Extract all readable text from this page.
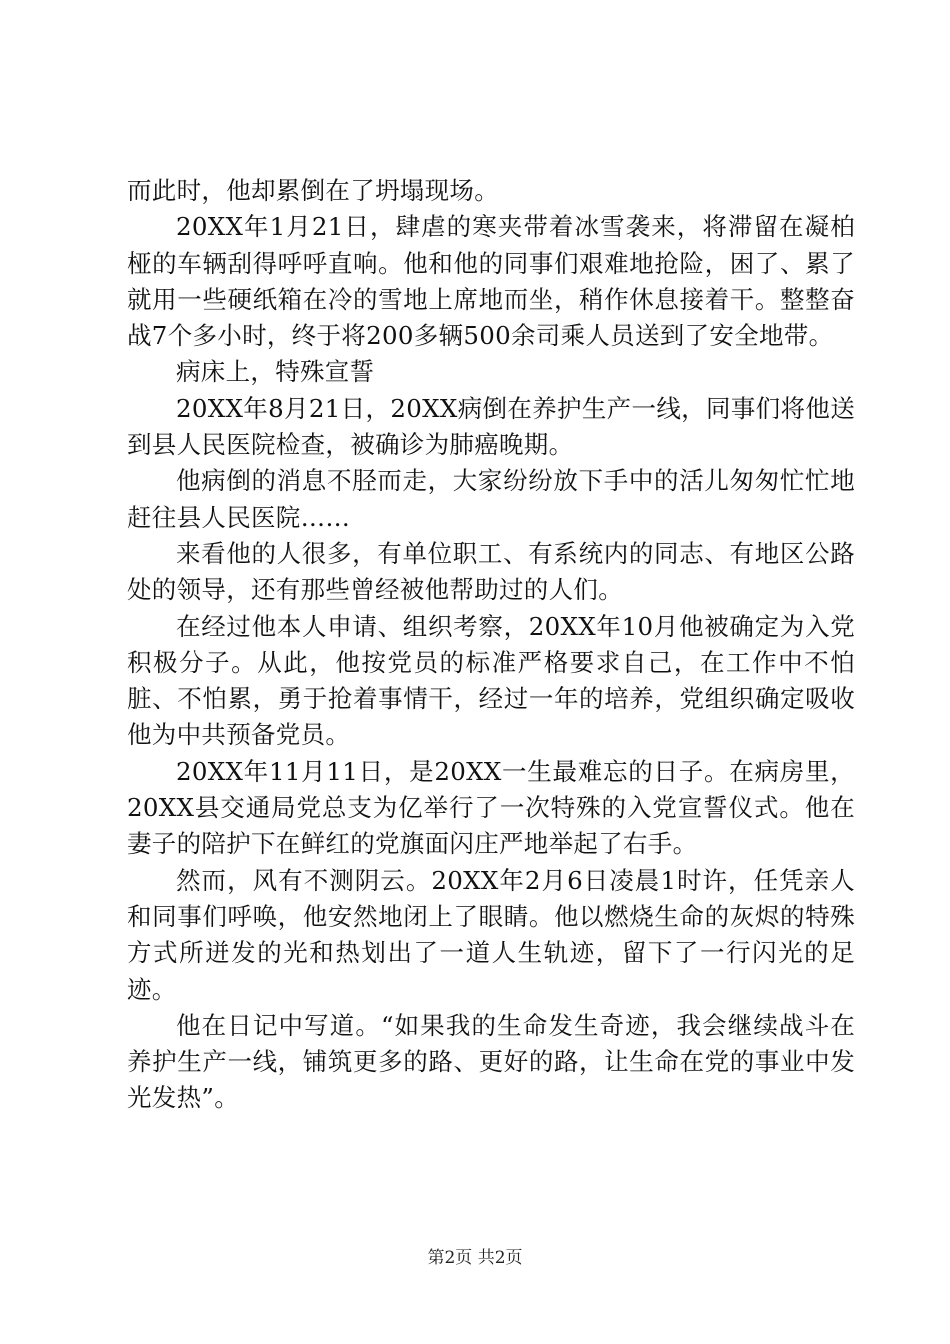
而此时，他却累倒在了坍塌现场。

20XX年1月21日，肆虐的寒夹带着冰雪袭来，将滞留在凝柏桠的车辆刮得呼呼直响。他和他的同事们艰难地抢险，困了、累了就用一些硬纸箱在冷的雪地上席地而坐，稍作休息接着干。整整奋战7个多小时，终于将200多辆500余司乘人员送到了安全地带。

病床上，特殊宣誓

20XX年8月21日，20XX病倒在养护生产一线，同事们将他送到县人民医院检查，被确诊为肺癌晚期。

他病倒的消息不胫而走，大家纷纷放下手中的活儿匆匆忙忙地赶往县人民医院……

来看他的人很多，有单位职工、有系统内的同志、有地区公路处的领导，还有那些曾经被他帮助过的人们。

在经过他本人申请、组织考察，20XX年10月他被确定为入党积极分子。从此，他按党员的标准严格要求自己，在工作中不怕脏、不怕累，勇于抢着事情干，经过一年的培养，党组织确定吸收他为中共预备党员。

20XX年11月11日，是20XX一生最难忘的日子。在病房里，20XX县交通局党总支为亿举行了一次特殊的入党宣誓仪式。他在妻子的陪护下在鲜红的党旗面闪庄严地举起了右手。

然而，风有不测阴云。20XX年2月6日凌晨1时许，任凭亲人和同事们呼唤，他安然地闭上了眼睛。他以燃烧生命的灰烬的特殊方式所迸发的光和热划出了一道人生轨迹，留下了一行闪光的足迹。

他在日记中写道。“如果我的生命发生奇迹，我会继续战斗在养护生产一线，铺筑更多的路、更好的路，让生命在党的事业中发光发热”。

第2页 共2页
